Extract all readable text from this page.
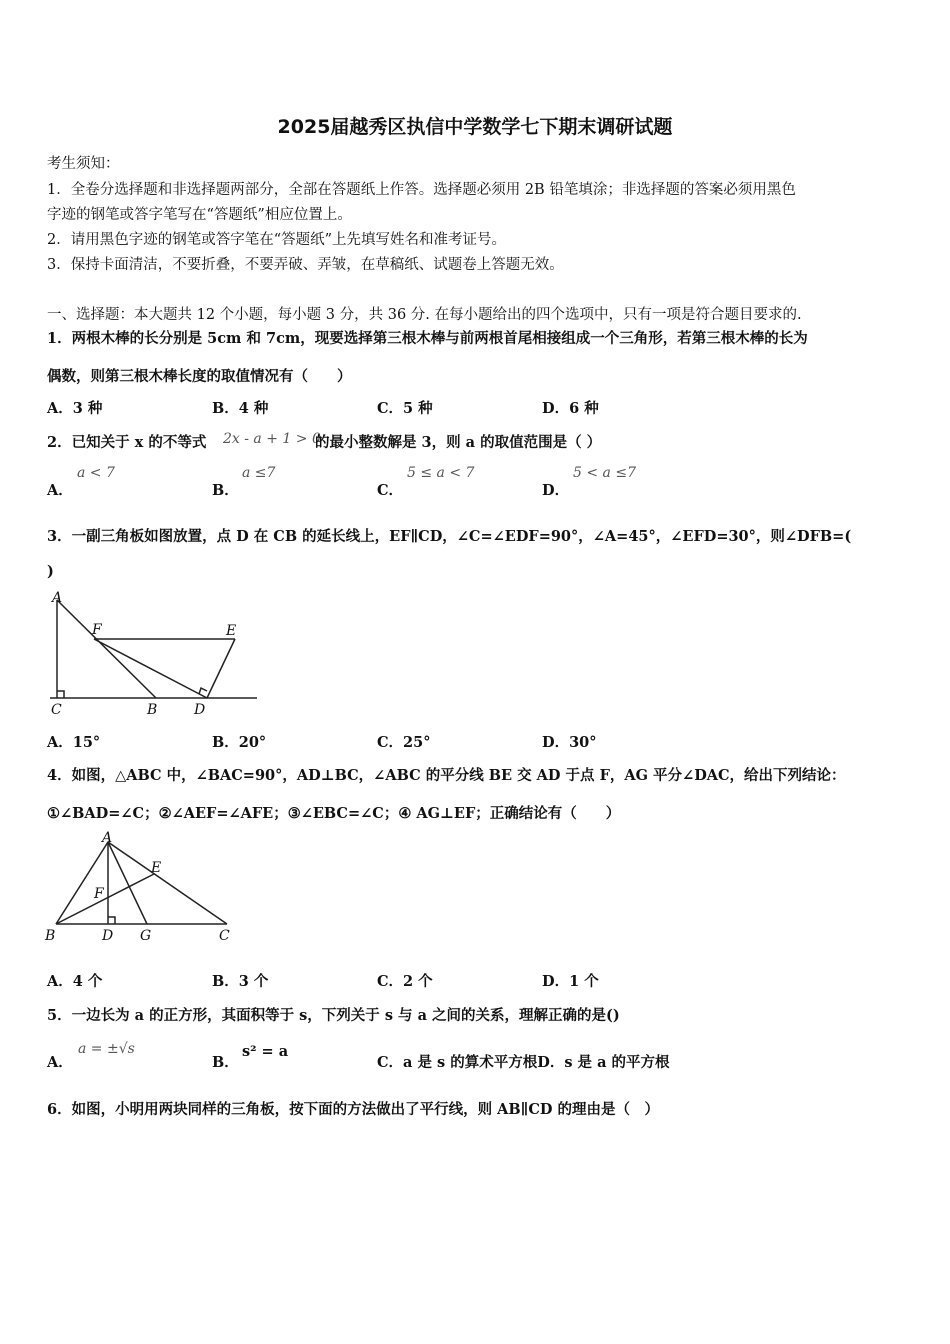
2025届越秀区执信中学数学七下期末调研试题
考生须知：
1．全卷分选择题和非选择题两部分，全部在答题纸上作答。选择题必须用 2B 铅笔填涂；非选择题的答案必须用黑色
字迹的钢笔或答字笔写在“答题纸”相应位置上。
2．请用黑色字迹的钢笔或答字笔在“答题纸”上先填写姓名和准考证号。
3．保持卡面清洁，不要折叠，不要弄破、弄皱，在草稿纸、试题卷上答题无效。
一、选择题：本大题共 12 个小题，每小题 3 分，共 36 分. 在每小题给出的四个选项中，只有一项是符合题目要求的.
1．两根木棒的长分别是 5cm 和 7cm，现要选择第三根木棒与前两根首尾相接组成一个三角形，若第三根木棒的长为
偶数，则第三根木棒长度的取值情况有（　　）
A．3 种	B．4 种	C．5 种	D．6 种
2．已知关于 x 的不等式 2x - a + 1 > 0
的最小整数解是 3，则 a 的取值范围是（ ）
A．
a < 7
B．
a ≤7
C．
5 ≤ a < 7
D．
5 < a ≤7
3．一副三角板如图放置，点 D 在 CB 的延长线上，EF∥CD，∠C=∠EDF=90°，∠A=45°，∠EFD=30°，则∠DFB=(
)
A
F	E
C	B	D
A．15°	B．20°	C．25°	D．30°
4．如图，△ABC 中，∠BAC=90°，AD⊥BC，∠ABC 的平分线 BE 交 AD 于点 F，AG 平分∠DAC，给出下列结论：
①∠BAD=∠C；②∠AEF=∠AFE；③∠EBC=∠C；④ AG⊥EF；正确结论有（　　）
A
E
F
B	D G	C
A．4 个	B．3 个	C．2 个	D．1 个
5．一边长为 a 的正方形，其面积等于 s，下列关于 s 与 a 之间的关系，理解正确的是()
A．
a = ±√s
B．
s² = a
C．a 是 s 的算术平方根D．s 是 a 的平方根
6．如图，小明用两块同样的三角板，按下面的方法做出了平行线，则 AB∥CD 的理由是（　）
